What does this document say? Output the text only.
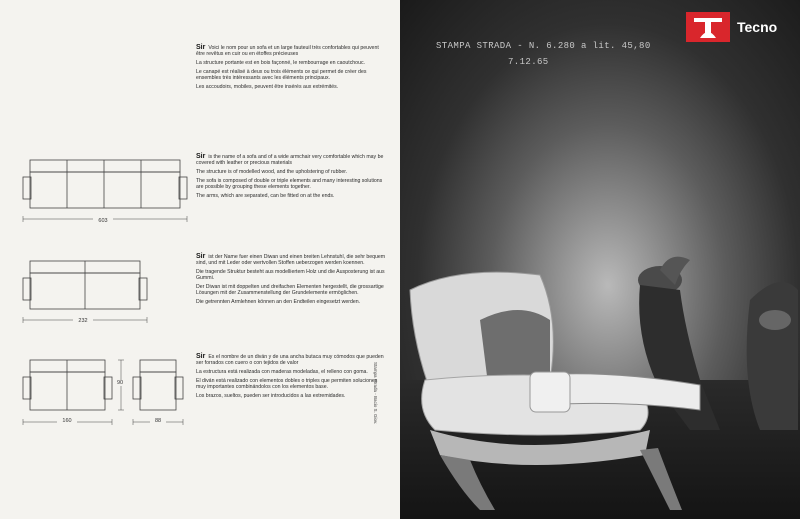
Sir Voici le nom pour un sofa et un large fauteuil très confortables qui peuvent être revêtus en cuir ou en étoffes précieuses

La structure portante est en bois façonné, le rembourrage en caoutchouc.

Le canapé est réalisé à deux ou trois éléments ce qui permet de créer des ensembles très intéressants avec les éléments principaux.

Les accoudoirs, mobiles, peuvent être insérés aux extrémités.

Sir is the name of a sofa and of a wide armchair very comfortable which may be covered with leather or precious materials

The structure is of modelled wood, and the upholstering of rubber.

The sofa is composed of double or triple elements and many interesting solutions are possible by grouping these elements together.

The arms, which are separated, can be fitted on at the ends.

Sir ist der Name fuer einen Diwan und einen breiten Lehnstuhl, die sehr bequem sind, und mit Leder oder wertvollen Stoffen ueberzogen werden koennen.

Die tragende Struktur besteht aus modelliertem Holz und die Ausposterung ist aus Gummi.

Der Diwan ist mit doppelten und dreifachen Elementen hergestellt, die grossartige Lösungen mit der Zusammenstellung der Grundelemente ermöglichen.

Die getrennten Armlehnen können an den Endteilen eingesetzt werden.

Sir Es el nombre de un diván y de una ancha butaca muy cómodos que pueden ser forrados con cuero o con tejidos de valor

La estructura está realizada con maderas modeladas, el relleno con goma.

El diván está realizado con elementos dobles o triples que permiten soluciones muy importantes combinándolos con los elementos base.

Los brazos, sueltos, pueden ser introducidos a las extremidades.

603
232
160
90
88	Stampa Strada - Bacio S. Giov.
STAMPA STRADA - N. 6.280 a lit. 45,80
7.12.65
Tecno
